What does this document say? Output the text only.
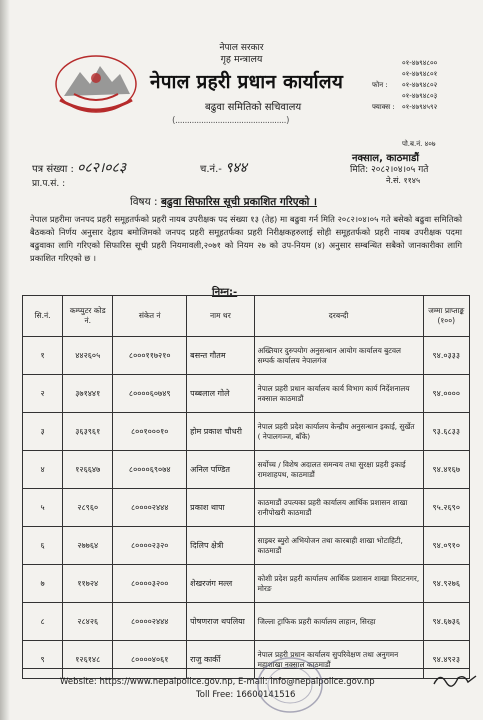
नेपाल सरकार
गृह मन्त्रालय
नेपाल प्रहरी प्रधान कार्यालय
बढुवा समितिको सचिवालय
(...............................................)
०१-४७९४८००
०१-४७९४८०१
फोन : ०१-४७९४८०२
०१-४७९४८०३
फ्याक्स : ०१-४७९४५९२
पो.ब.नं. ४०७
नक्साल, काठमाडौं
मिति: २०८२।०४।०५ गते
ने.सं. ११४५
पत्र संख्या : ०८२।०८३	च.नं.- ९४४
प्रा.प.सं. :
विषय : बढुवा सिफारिस सूची प्रकाशित गरिएको ।
नेपाल प्रहरीमा जनपद प्रहरी समूहतर्फको प्रहरी नायब उपरीक्षक पद संख्या १३ (तेह) मा बढुवा गर्न मिति २०८२।०४।०५ गते बसेको बढुवा समितिको बैठकको निर्णय अनुसार देहाय बमोजिमको जनपद प्रहरी समूहतर्फका प्रहरी निरीक्षकहरुलाई सोही समूहतर्फको प्रहरी नायब उपरीक्षक पदमा बढुवाका लागि गरिएको सिफारिस सूची प्रहरी नियमावली,२०७१ को नियम २७ को उप-नियम (४) अनुसार सम्बन्धित सबैको जानकारीका लागि प्रकाशित गरिएको छ ।
निम्न:-
सि.नं.	कम्प्युटर कोड नं.	संकेत नं	नाम थर	दरबन्दी	जम्मा प्राप्ताङ्क (१००)
१	४४२६०५	८०००११७२१०	बसन्त गौतम	अख्तियार दुरुपयोग अनुसन्धान आयोग कार्यालय बुटवल सम्पर्क कार्यालय नेपालगंज	९४.०३३३
२	३७१४४१	८००००६०७४९	पब्बलाल गोले	नेपाल प्रहरी प्रधान कार्यालय कार्य विभाग कार्य निर्देशनालय नक्साल काठमाडौं	९४.००००
३	३६३९६१	८००१०००१०	होम प्रकाश चौधरी	नेपाल प्रहरी प्रदेश कार्यालय केन्द्रीय अनुसन्धान इकाई, सुर्खेत ( नेपालगञ्ज, बाँके)	९३.६८३३
४	१२६६४७	८००००६९०७४	अनिल पण्डित	सर्वोच्च / विशेष अदालत समन्वय तथा सुरक्षा प्रहरी इकाई रामशाहपथ, काठमाडौं	९४.४१६७
५	२८९६०	८००००२४४४	प्रकाश थापा	काठमाडौं उपत्यका प्रहरी कार्यालय आर्थिक प्रशासन शाखा रानीपोखरी काठमाडौं	९५.२६९०
६	२७७६४	८००००२३२०	दिलिप क्षेत्री	साइबर ब्युरो अभियोजन तथा कारबाही शाखा भोटाहिटी, काठमाडौं	९४.०९१०
७	११७२४	८००००३२००	शेखरजंग मल्ल	कोशी प्रदेश प्रहरी कार्यालय आर्थिक प्रशासन शाखा विराटनगर, मोरङ	९४.९२७६
८	२८४२६	८००००२४४४	पोषणराज थपलिया	जिल्ला ट्राफिक प्रहरी कार्यालय लाहान, सिरहा	९४.६७३६
९	१२६१४८	८००००४०६१	राजु कार्की	नेपाल प्रहरी प्रधान कार्यालय सुपरिवेक्षण तथा अनुगमन महाशाखा नक्साल काठमाडौं	९४.४९२३
Website: https://www.nepalpolice.gov.np, E-mail: info@nepalpolice.gov.np
Toll Free: 16600141516
